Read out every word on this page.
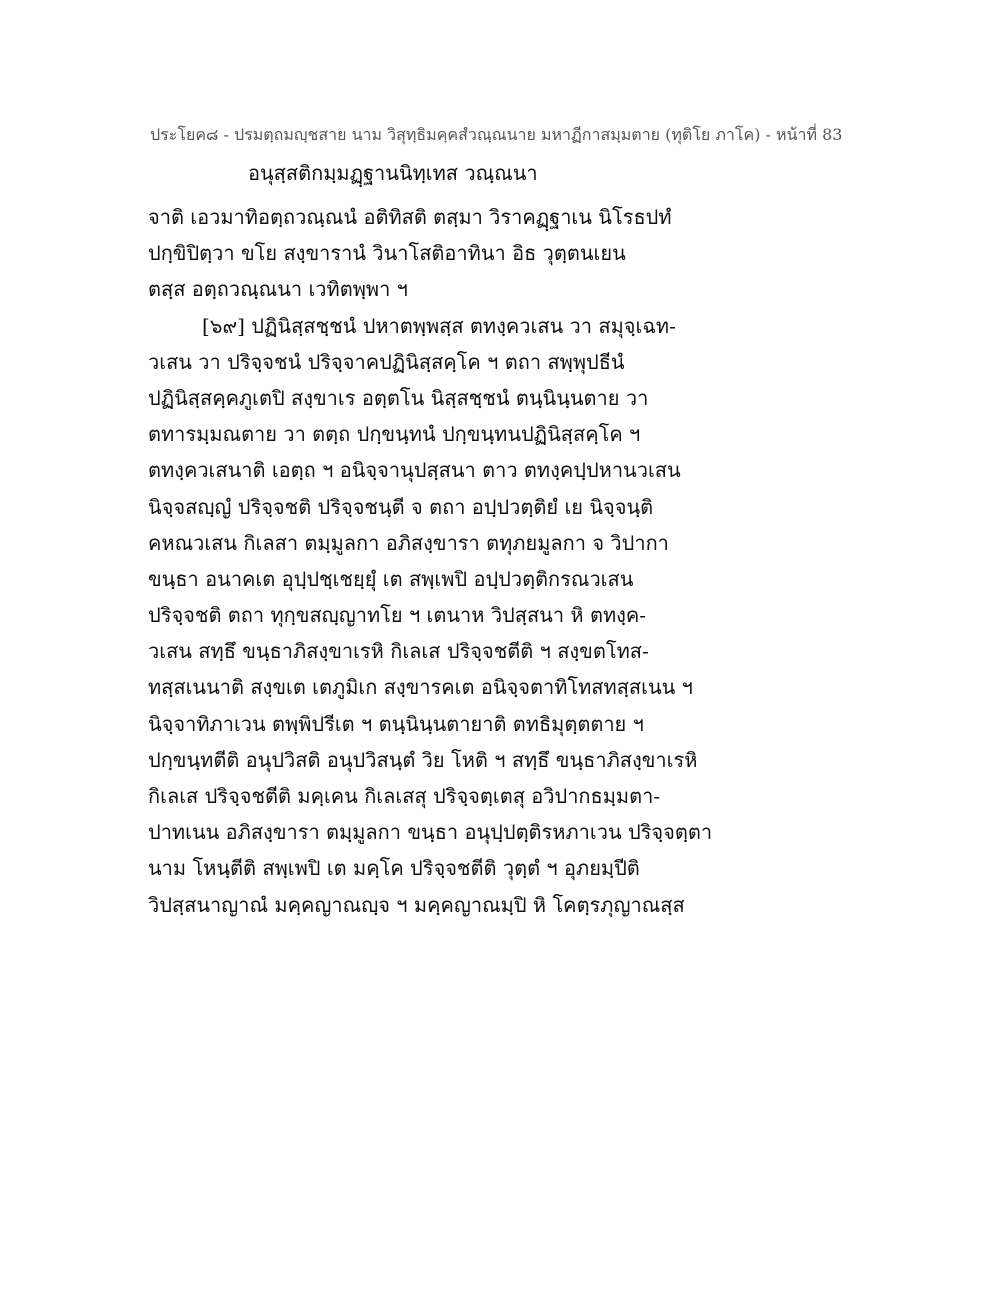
ประโยค๘ - ปรมตฺถมญฺชสาย นาม วิสุทฺธิมคฺคสํวณฺณนาย มหาฏีกาสมฺมตาย (ทุติโย ภาโค) - หน้าที่ 83
อนุสฺสติกมฺมฏฺฐานนิทฺเทส วณฺณนา
จาติ เอวมาทิอตฺถวณฺณนํ อติทิสติ ตสฺมา วิราคฏฺฐาเน นิโรธปทํ
ปกฺขิปิตฺวา ขโย สงฺขารานํ วินาโสติอาทินา อิธ วุตฺตนเยน
ตสฺส อตฺถวณฺณนา เวทิตพฺพา ฯ
[๖๙] ปฏินิสฺสชฺชนํ ปหาตพฺพสฺส ตทงฺควเสน วา สมุจฺเฉท-
วเสน วา ปริจฺจชนํ ปริจฺจาคปฏินิสฺสคฺโค ฯ ตถา สพฺพุปธีนํ
ปฏินิสฺสคฺคภูเตปิ สงฺขาเร อตฺตโน นิสฺสชฺชนํ ตนฺนินฺนตาย วา
ตทารมฺมณตาย วา ตตฺถ ปกฺขนฺทนํ ปกฺขนฺทนปฏินิสฺสคฺโค ฯ
ตทงฺควเสนาติ เอตฺถ ฯ อนิจฺจานุปสฺสนา ตาว ตทงฺคปฺปหานวเสน
นิจฺจสญฺญํ ปริจฺจชติ ปริจฺจชนฺตี จ ตถา อปฺปวตฺติยํ เย นิจฺจนฺติ
คหณวเสน กิเลสา ตมฺมูลกา อภิสงฺขารา ตทุภยมูลกา จ วิปากา
ขนฺธา อนาคเต อุปฺปชฺเชยฺยุํ เต สพฺเพปิ อปฺปวตฺติกรณวเสน
ปริจฺจชติ ตถา ทุกฺขสญฺญาทโย ฯ เตนาห วิปสฺสนา หิ ตทงฺค-
วเสน สทฺธึ ขนฺธาภิสงฺขาเรหิ กิเลเส ปริจฺจชตีติ ฯ สงฺขตโทส-
ทสฺสเนนาติ สงฺขเต เตภูมิเก สงฺขารคเต อนิจฺจตาทิโทสทสฺสเนน ฯ
นิจฺจาทิภาเวน ตพฺพิปรีเต ฯ ตนฺนินฺนตายาติ ตทธิมุตฺตตาย ฯ
ปกฺขนฺทตีติ อนุปวิสติ อนุปวิสนฺตํ วิย โหติ ฯ สทฺธึ ขนฺธาภิสงฺขาเรหิ
กิเลเส ปริจฺจชตีติ มคฺเคน กิเลเสสุ ปริจฺจตฺเตสุ อวิปากธมฺมตา-
ปาทเนน อภิสงฺขารา ตมฺมูลกา ขนฺธา อนุปฺปตฺติรหภาเวน ปริจฺจตฺตา
นาม โหนฺตีติ สพฺเพปิ เต มคฺโค ปริจฺจชตีติ วุตฺตํ ฯ อุภยมฺปีติ
วิปสฺสนาญาณํ มคฺคญาณญฺจ ฯ มคฺคญาณมฺปิ หิ โคตฺรภุญาณสฺส
